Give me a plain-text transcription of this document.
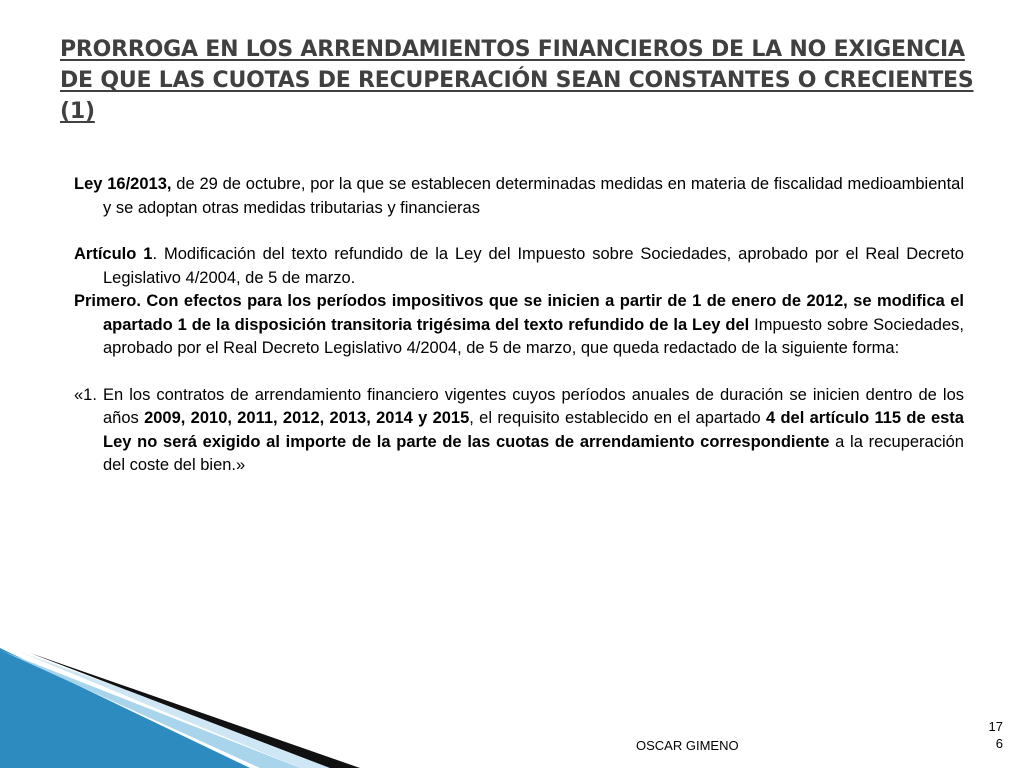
PRORROGA EN LOS ARRENDAMIENTOS FINANCIEROS DE LA NO EXIGENCIA
DE QUE LAS CUOTAS DE RECUPERACIÓN SEAN CONSTANTES O CRECIENTES
(1)

Ley 16/2013, de 29 de octubre, por la que se establecen determinadas medidas en materia de fiscalidad medioambiental y se adoptan otras medidas tributarias y financieras

Artículo 1. Modificación del texto refundido de la Ley del Impuesto sobre Sociedades, aprobado por el Real Decreto Legislativo 4/2004, de 5 de marzo.

Primero. Con efectos para los períodos impositivos que se inicien a partir de 1 de enero de 2012, se modifica el apartado 1 de la disposición transitoria trigésima del texto refundido de la Ley del Impuesto sobre Sociedades, aprobado por el Real Decreto Legislativo 4/2004, de 5 de marzo, que queda redactado de la siguiente forma:

«1. En los contratos de arrendamiento financiero vigentes cuyos períodos anuales de duración se inicien dentro de los años 2009, 2010, 2011, 2012, 2013, 2014 y 2015, el requisito establecido en el apartado 4 del artículo 115 de esta Ley no será exigido al importe de la parte de las cuotas de arrendamiento correspondiente a la recuperación del coste del bien.»

OSCAR GIMENO
17
6
